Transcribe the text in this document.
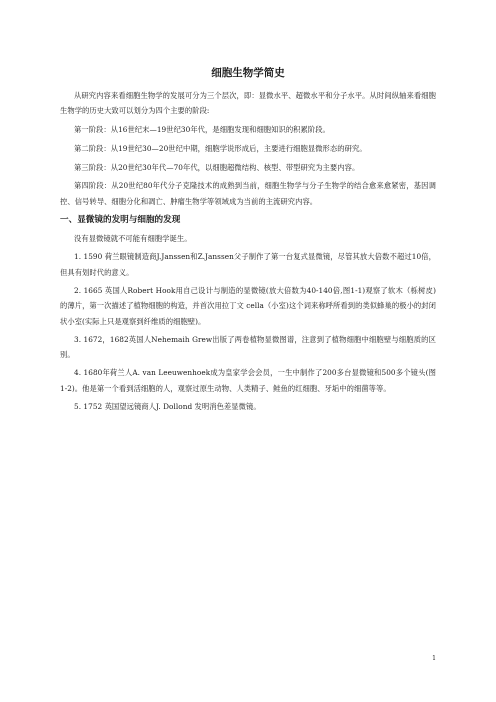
细胞生物学简史

从研究内容来看细胞生物学的发展可分为三个层次，即：显微水平、超微水平和分子水平。从时间纵轴来看细胞生物学的历史大致可以划分为四个主要的阶段:

第一阶段：从16世纪末—19世纪30年代，是细胞发现和细胞知识的积累阶段。

第二阶段：从19世纪30—20世纪中期，细胞学说形成后，主要进行细胞显微形态的研究。

第三阶段：从20世纪30年代—70年代，以细胞超微结构、核型、带型研究为主要内容。

第四阶段：从20世纪80年代分子克隆技术的成熟到当前，细胞生物学与分子生物学的结合愈来愈紧密，基因调控、信号转导、细胞分化和凋亡、肿瘤生物学等领域成为当前的主流研究内容。

一、显微镜的发明与细胞的发现

没有显微镜就不可能有细胞学诞生。

1. 1590 荷兰眼镜制造商J.Janssen和Z.Janssen父子制作了第一台复式显微镜，尽管其放大倍数不超过10倍，但具有划时代的意义。

2. 1665 英国人Robert Hook用自己设计与制造的显微镜(放大倍数为40-140倍,图1-1)观察了软木（栎树皮)的薄片，第一次描述了植物细胞的构造，并首次用拉丁文 cella（小室)这个词来称呼所看到的类似蜂巢的极小的封闭状小室(实际上只是观察到纤维质的细胞壁)。

3. 1672，1682英国人Nehemaih Grew出版了两卷植物显微图谱，注意到了植物细胞中细胞壁与细胞质的区别。

4. 1680年荷兰人A. van Leeuwenhoek成为皇家学会会员，一生中制作了200多台显微镜和500多个镜头(图1-2)。他是第一个看到活细胞的人，观察过原生动物、人类精子、鲑鱼的红细胞、牙垢中的细菌等等。

5. 1752 英国望远镜商人J. Dollond 发明消色差显微镜。

1
